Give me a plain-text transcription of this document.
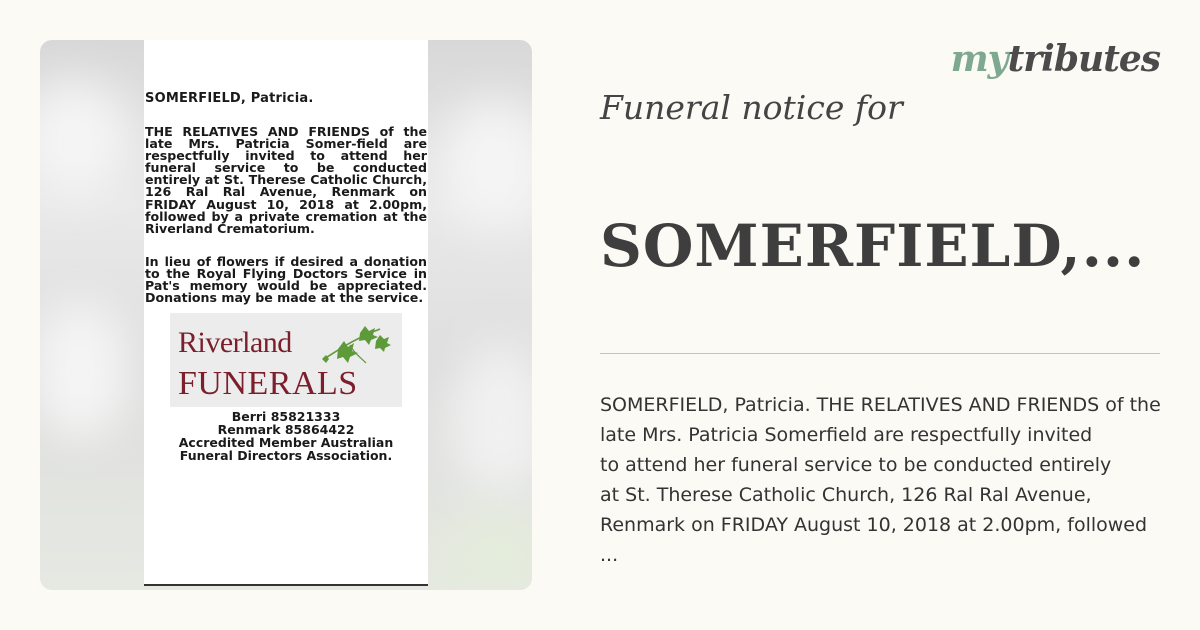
SOMERFIELD, Patricia.

THE RELATIVES AND FRIENDS of the late Mrs. Patricia Somer-field are respectfully invited to attend her funeral service to be conducted entirely at St. Therese Catholic Church, 126 Ral Ral Avenue, Renmark on FRIDAY August 10, 2018 at 2.00pm, followed by a private cremation at the Riverland Crematorium.

In lieu of flowers if desired a donation to the Royal Flying Doctors Service in Pat's memory would be appreciated. Donations may be made at the service.

Riverland
FUNERALS
Berri 85821333
Renmark 85864422
Accredited Member Australian
Funeral Directors Association.
mytributes
Funeral notice for
SOMERFIELD,...
SOMERFIELD, Patricia. THE RELATIVES AND FRIENDS of the
late Mrs. Patricia Somerfield are respectfully invited
to attend her funeral service to be conducted entirely
at St. Therese Catholic Church, 126 Ral Ral Avenue,
Renmark on FRIDAY August 10, 2018 at 2.00pm, followed
...
